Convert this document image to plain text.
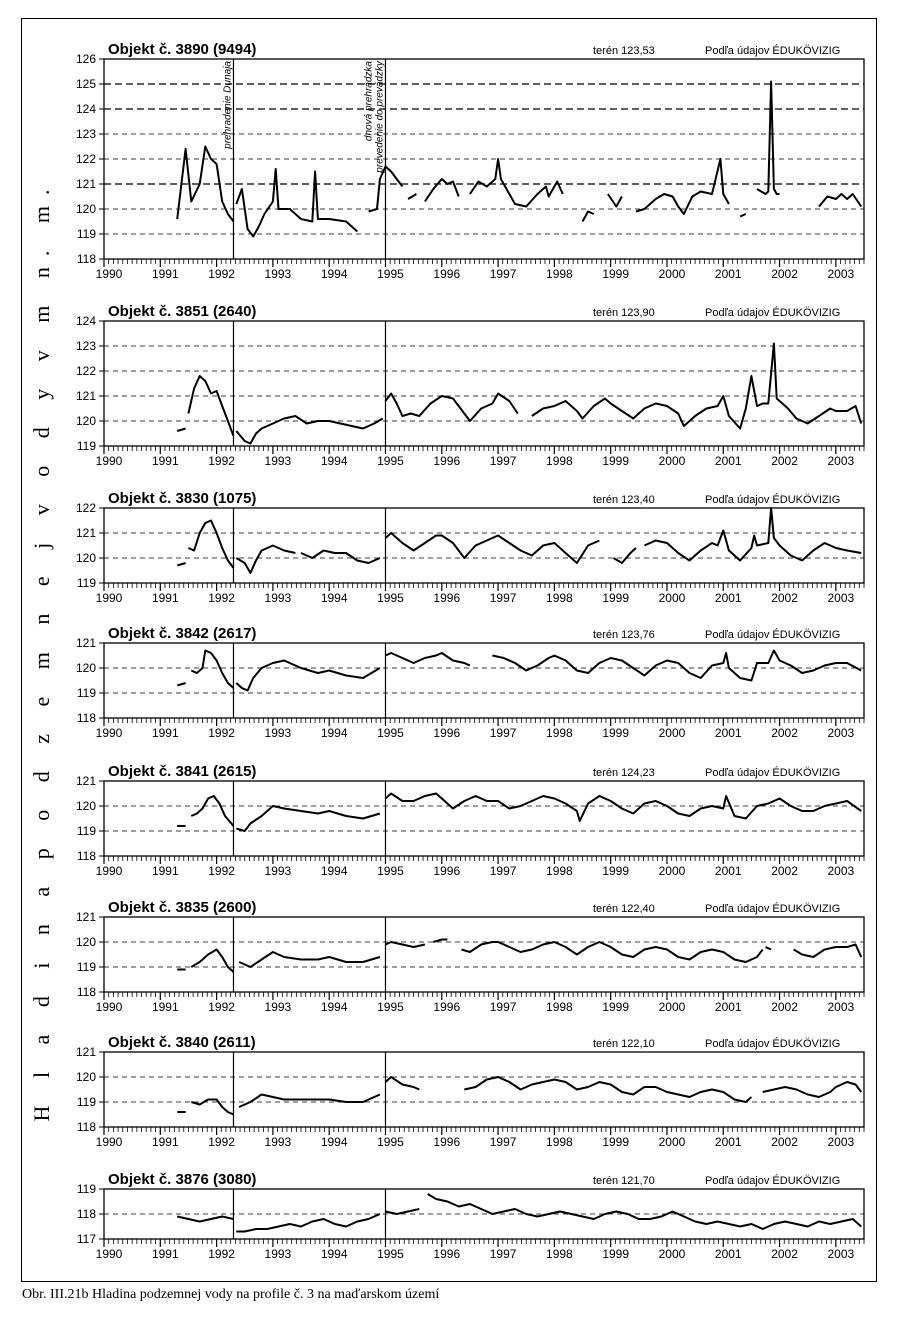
H l a d i n a p o d z e m n e j v o d y v m n. m. 118
119
120
121
122
123
124
125
126
1990 1991 1992 1993 1994 1995 1996 1997 1998 1999 2000 2001 2002 2003
Objekt č. 3890 (9494)	terén 123,53	Podľa údajov ÉDUKÖVIZIG
119
120
121
122
123
124
1990 1991 1992 1993 1994 1995 1996 1997 1998 1999 2000 2001 2002 2003
Objekt č. 3851 (2640)	terén 123,90	Podľa údajov ÉDUKÖVIZIG
119
120
121
122
1990 1991 1992 1993 1994 1995 1996 1997 1998 1999 2000 2001 2002 2003
Objekt č. 3830 (1075)	terén 123,40	Podľa údajov ÉDUKÖVIZIG
118
119
120
121
1990 1991 1992 1993 1994 1995 1996 1997 1998 1999 2000 2001 2002 2003
Objekt č. 3842 (2617)	terén 123,76	Podľa údajov ÉDUKÖVIZIG
118
119
120
121
1990 1991 1992 1993 1994 1995 1996 1997 1998 1999 2000 2001 2002 2003
Objekt č. 3841 (2615)	terén 124,23	Podľa údajov ÉDUKÖVIZIG
118
119
120
121
1990 1991 1992 1993 1994 1995 1996 1997 1998 1999 2000 2001 2002 2003
Objekt č. 3835 (2600)	terén 122,40	Podľa údajov ÉDUKÖVIZIG
118
119
120
121
1990 1991 1992 1993 1994 1995 1996 1997 1998 1999 2000 2001 2002 2003
Objekt č. 3840 (2611)	terén 122,10	Podľa údajov ÉDUKÖVIZIG
117
118
119
1990 1991 1992 1993 1994 1995 1996 1997 1998 1999 2000 2001 2002 2003
Objekt č. 3876 (3080)	terén 121,70	Podľa údajov ÉDUKÖVIZIG
prehradenie Dunaja	dnová prehrádzka prevedenie do prevádzky
Obr. III.21b Hladina podzemnej vody na profile č. 3 na maďarskom území
